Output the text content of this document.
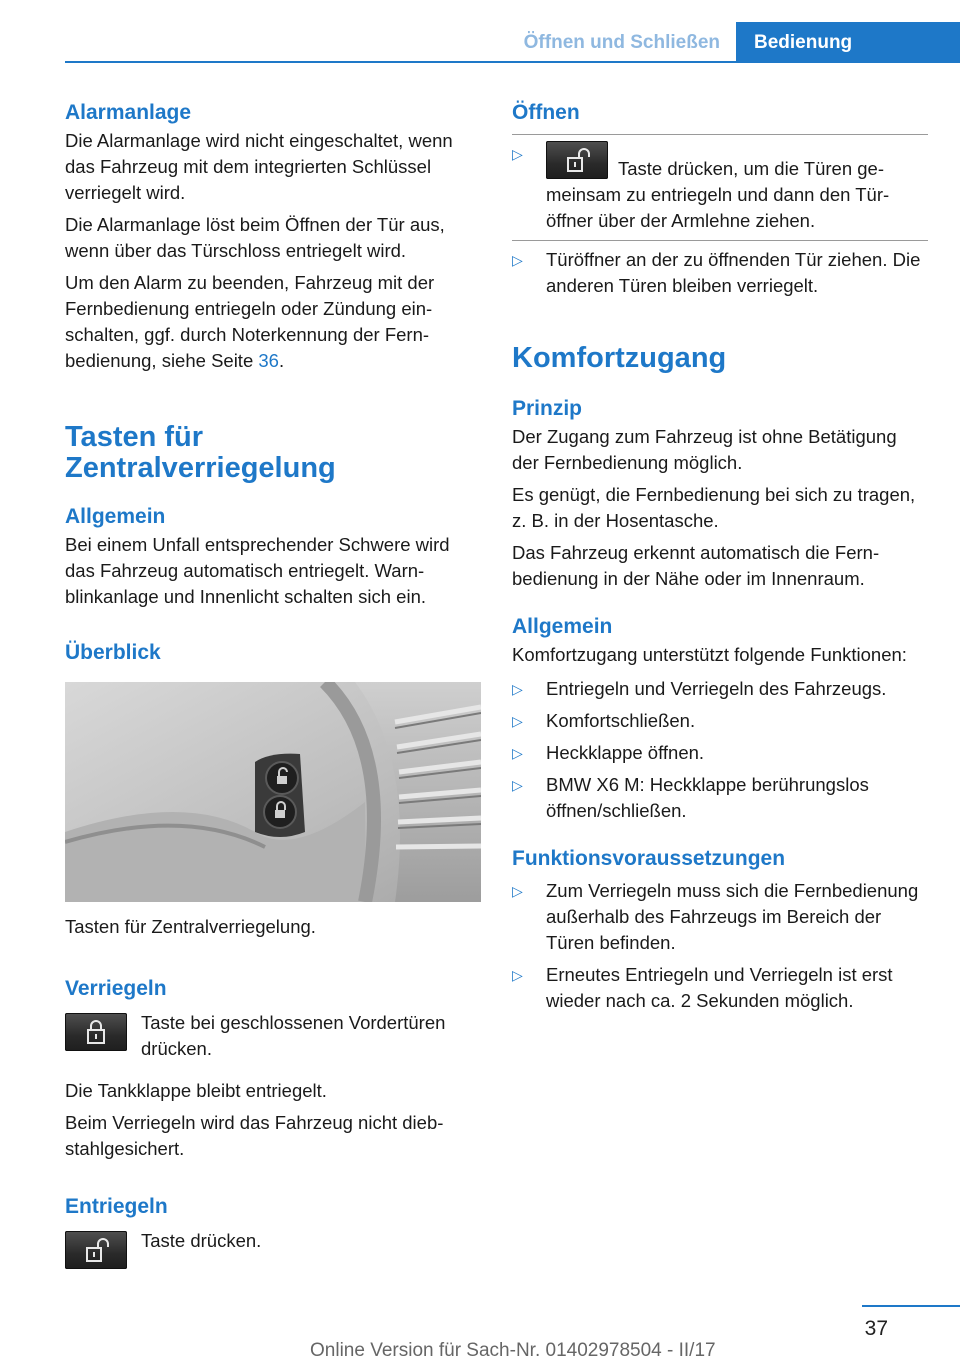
Öffnen und Schließen	Bedienung
Alarmanlage

Die Alarmanlage wird nicht eingeschaltet, wenn das Fahrzeug mit dem integrierten Schlüssel verriegelt wird.

Die Alarmanlage löst beim Öffnen der Tür aus, wenn über das Türschloss entriegelt wird.

Um den Alarm zu beenden, Fahrzeug mit der Fernbedienung entriegeln oder Zündung einschalten, ggf. durch Noterkennung der Fernbedienung, siehe Seite 36.

Tasten für Zentralverriegelung
Allgemein

Bei einem Unfall entsprechender Schwere wird das Fahrzeug automatisch entriegelt. Warnblinkanlage und Innenlicht schalten sich ein.

Überblick

Tasten für Zentralverriegelung.

Verriegeln

Taste bei geschlossenen Vordertüren drücken.

Die Tankklappe bleibt entriegelt.

Beim Verriegeln wird das Fahrzeug nicht diebstahlgesichert.

Entriegeln

Taste drücken.

Öffnen
▷
Taste drücken, um die Türen gemeinsam zu entriegeln und dann den Türöffner über der Armlehne ziehen.
▷ Türöffner an der zu öffnenden Tür ziehen. Die anderen Türen bleiben verriegelt.
Komfortzugang
Prinzip

Der Zugang zum Fahrzeug ist ohne Betätigung der Fernbedienung möglich.

Es genügt, die Fernbedienung bei sich zu tragen, z. B. in der Hosentasche.

Das Fahrzeug erkennt automatisch die Fernbedienung in der Nähe oder im Innenraum.

Allgemein

Komfortzugang unterstützt folgende Funktionen:

▷ Entriegeln und Verriegeln des Fahrzeugs.
▷ Komfortschließen.
▷ Heckklappe öffnen.
▷ BMW X6 M: Heckklappe berührungslos öffnen/schließen.
Funktionsvoraussetzungen
▷ Zum Verriegeln muss sich die Fernbedienung außerhalb des Fahrzeugs im Bereich der Türen befinden.
▷ Erneutes Entriegeln und Verriegeln ist erst wieder nach ca. 2 Sekunden möglich.
37
Online Version für Sach-Nr. 01402978504 - II/17
